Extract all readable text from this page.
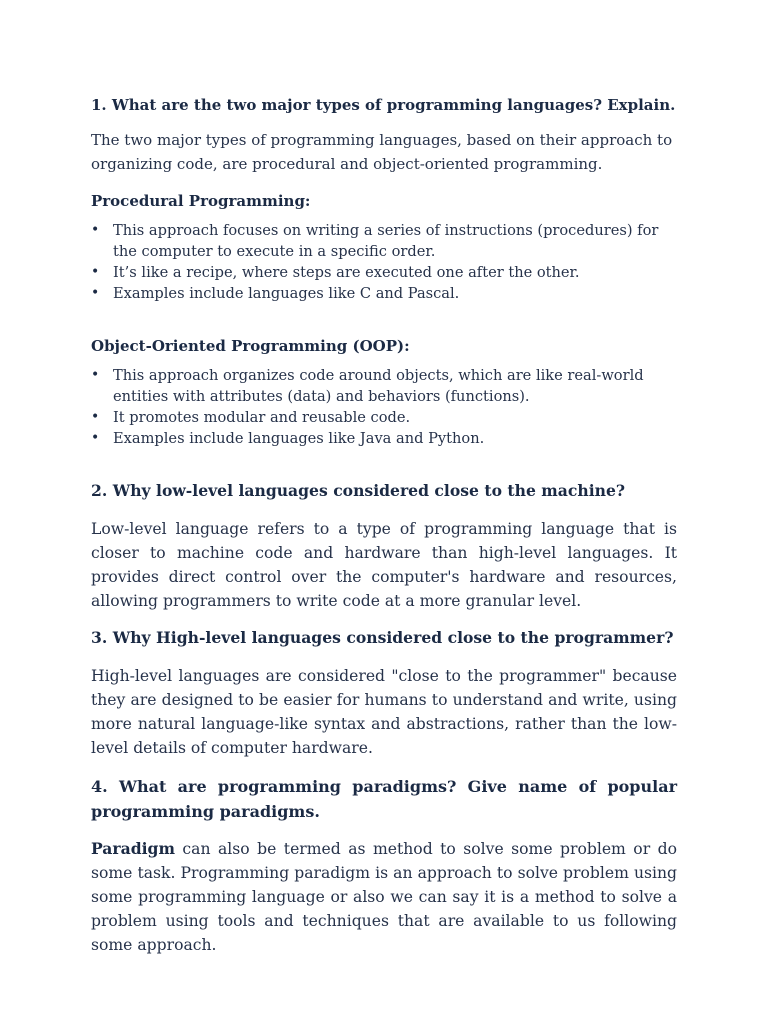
1. What are the two major types of programming languages? Explain.
The two major types of programming languages, based on their approach to organizing code, are procedural and object-oriented programming.
Procedural Programming:
• This approach focuses on writing a series of instructions (procedures) for the computer to execute in a specific order.
• It’s like a recipe, where steps are executed one after the other.
• Examples include languages like C and Pascal.
Object-Oriented Programming (OOP):
• This approach organizes code around objects, which are like real-world entities with attributes (data) and behaviors (functions).
• It promotes modular and reusable code.
• Examples include languages like Java and Python.
2. Why low-level languages considered close to the machine?
Low-level language refers to a type of programming language that is closer to machine code and hardware than high-level languages. It provides direct control over the computer's hardware and resources, allowing programmers to write code at a more granular level.
3. Why High-level languages considered close to the programmer?
High-level languages are considered "close to the programmer" because they are designed to be easier for humans to understand and write, using more natural language-like syntax and abstractions, rather than the low-level details of computer hardware.
4. What are programming paradigms? Give name of popular programming paradigms.
Paradigm can also be termed as method to solve some problem or do some task. Programming paradigm is an approach to solve problem using some programming language or also we can say it is a method to solve a problem using tools and techniques that are available to us following some approach.
